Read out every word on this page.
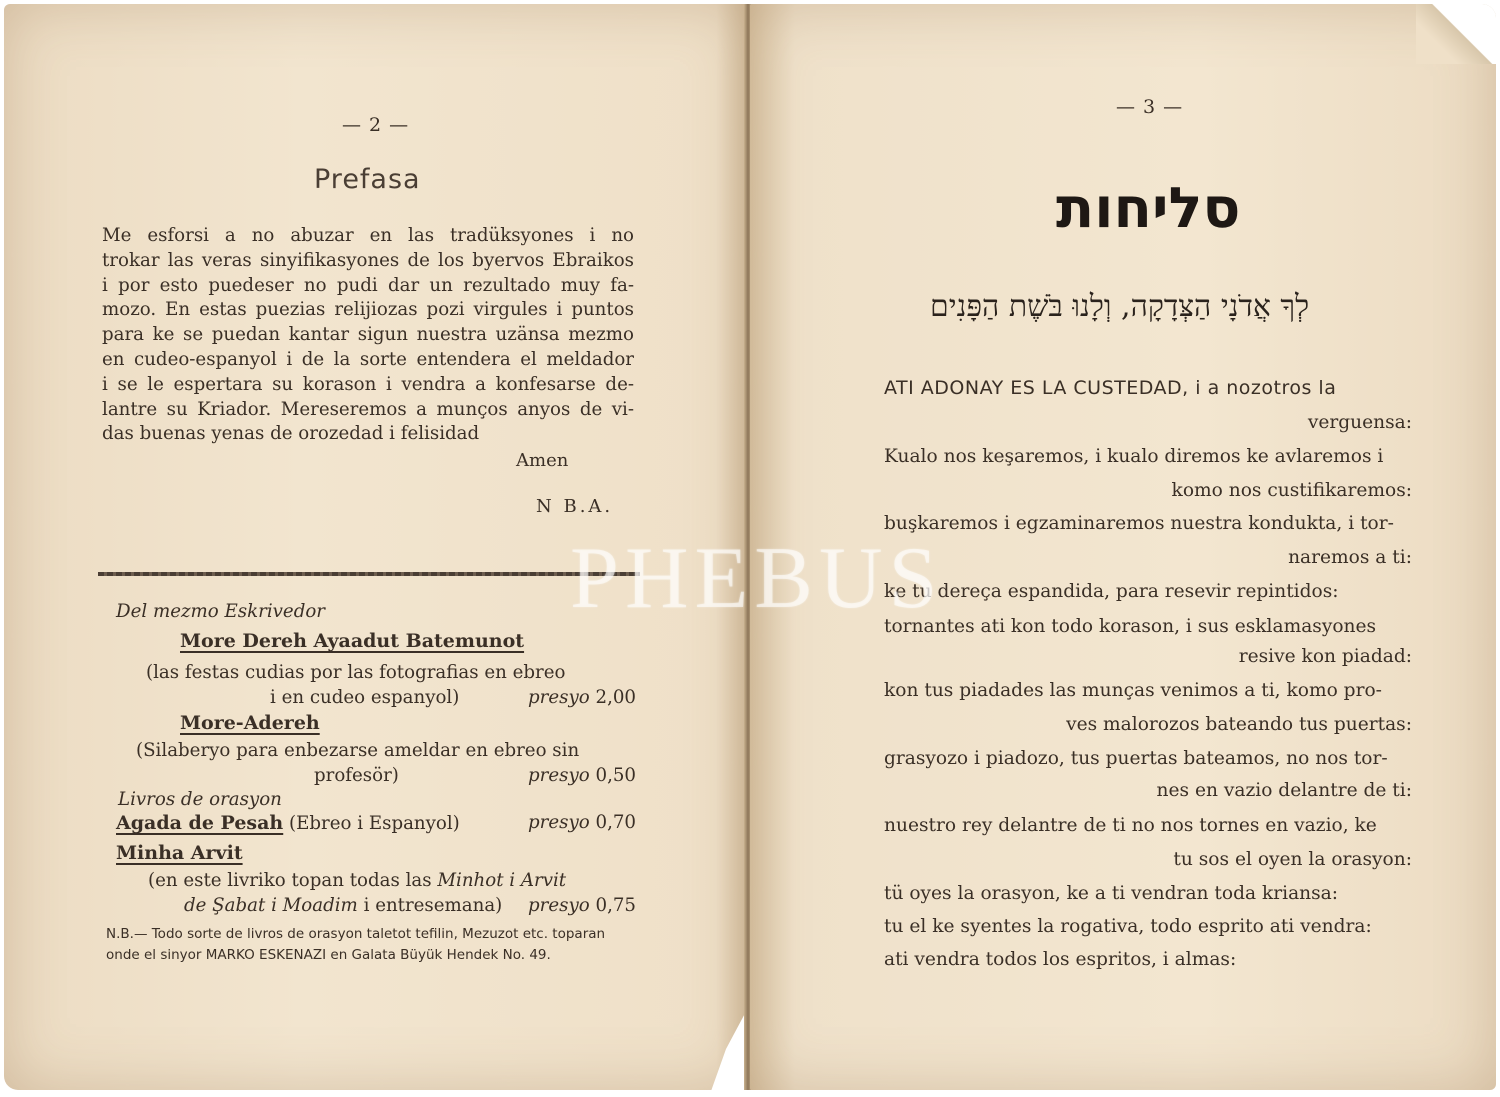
— 2 —
Prefasa
Me esforsi a no abuzar en las tradüksyones i no
trokar las veras sinyifikasyones de los byervos Ebraikos
i por esto puedeser no pudi dar un rezultado muy fa-
mozo. En estas puezias relijiozas pozi virgules i puntos
para ke se puedan kantar sigun nuestra uzänsa mezmo
en cudeo-espanyol i de la sorte entendera el meldador
i se le espertara su korason i vendra a konfesarse de-
lantre su Kriador. Mereseremos a munços anyos de vi-
das buenas yenas de orozedad i felisidad
Amen
N B.A.
Del mezmo Eskrivedor
More Dereh Ayaadut Batemunot
(las festas cudias por las fotografias en ebreo
i en cudeo espanyol)	presyo 2,00
More-Adereh
(Silaberyo para enbezarse ameldar en ebreo sin
profesör)	presyo 0,50
Livros de orasyon
Agada de Pesah (Ebreo i Espanyol)	presyo 0,70
Minha Arvit
(en este livriko topan todas las Minhot i Arvit
de Şabat i Moadim i entresemana) presyo 0,75
N.B.— Todo sorte de livros de orasyon taletot tefilin, Mezuzot etc. toparan onde el sinyor MARKO ESKENAZI en Galata Büyük Hendek No. 49.
— 3 —
סליחות
לְךָ אֲדֹנָי הַצְּדָקָה, וְלָנוּ בֹּשֶׁת הַפָּנִים
ATI ADONAY ES LA CUSTEDAD, i a nozotros la
verguensa:
Kualo nos keşaremos, i kualo diremos ke avlaremos i
komo nos custifikaremos:
buşkaremos i egzaminaremos nuestra kondukta, i tor-
naremos a ti:
ke tu dereça espandida, para resevir repintidos:
tornantes ati kon todo korason, i sus esklamasyones
resive kon piadad:
kon tus piadades las munças venimos a ti, komo pro-
ves malorozos bateando tus puertas:
grasyozo i piadozo, tus puertas bateamos, no nos tor-
nes en vazio delantre de ti:
nuestro rey delantre de ti no nos tornes en vazio, ke
tu sos el oyen la orasyon:
tü oyes la orasyon, ke a ti vendran toda kriansa:
tu el ke syentes la rogativa, todo esprito ati vendra:
ati vendra todos los espritos, i almas:
PHEBUS
